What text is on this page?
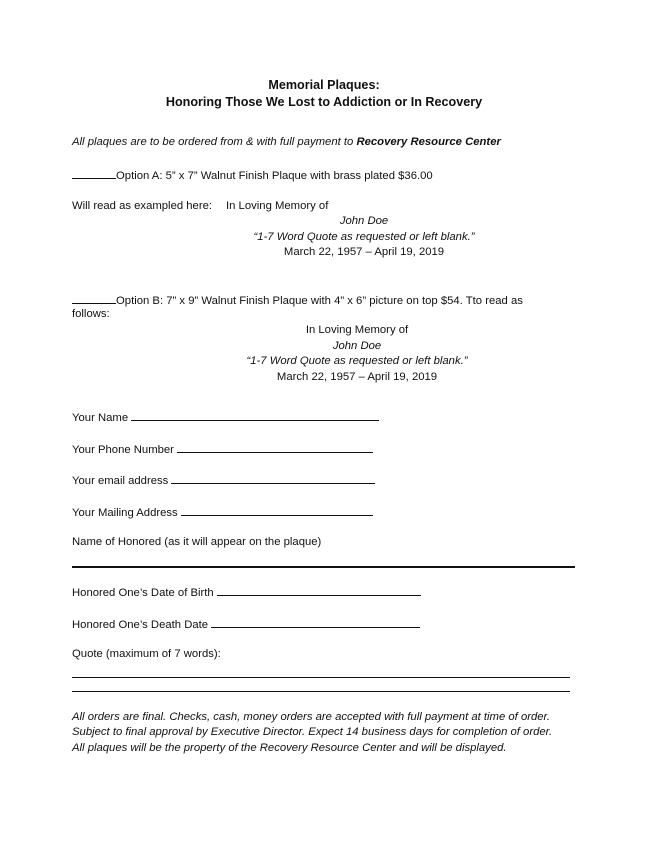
Memorial Plaques:
Honoring Those We Lost to Addiction or In Recovery
All plaques are to be ordered from & with full payment to Recovery Resource Center
Option A: 5” x 7” Walnut Finish Plaque with brass plated $36.00
Will read as exampled here: In Loving Memory of
John Doe
“1-7 Word Quote as requested or left blank.”
March 22, 1957 – April 19, 2019
Option B: 7” x 9” Walnut Finish Plaque with 4” x 6” picture on top $54. Tto read as
follows:
In Loving Memory of
John Doe
“1-7 Word Quote as requested or left blank.”
March 22, 1957 – April 19, 2019
Your Name
Your Phone Number
Your email address
Your Mailing Address
Name of Honored (as it will appear on the plaque)
Honored One’s Date of Birth
Honored One’s Death Date
Quote (maximum of 7 words):
All orders are final. Checks, cash, money orders are accepted with full payment at time of order.
Subject to final approval by Executive Director. Expect 14 business days for completion of order.
All plaques will be the property of the Recovery Resource Center and will be displayed.
